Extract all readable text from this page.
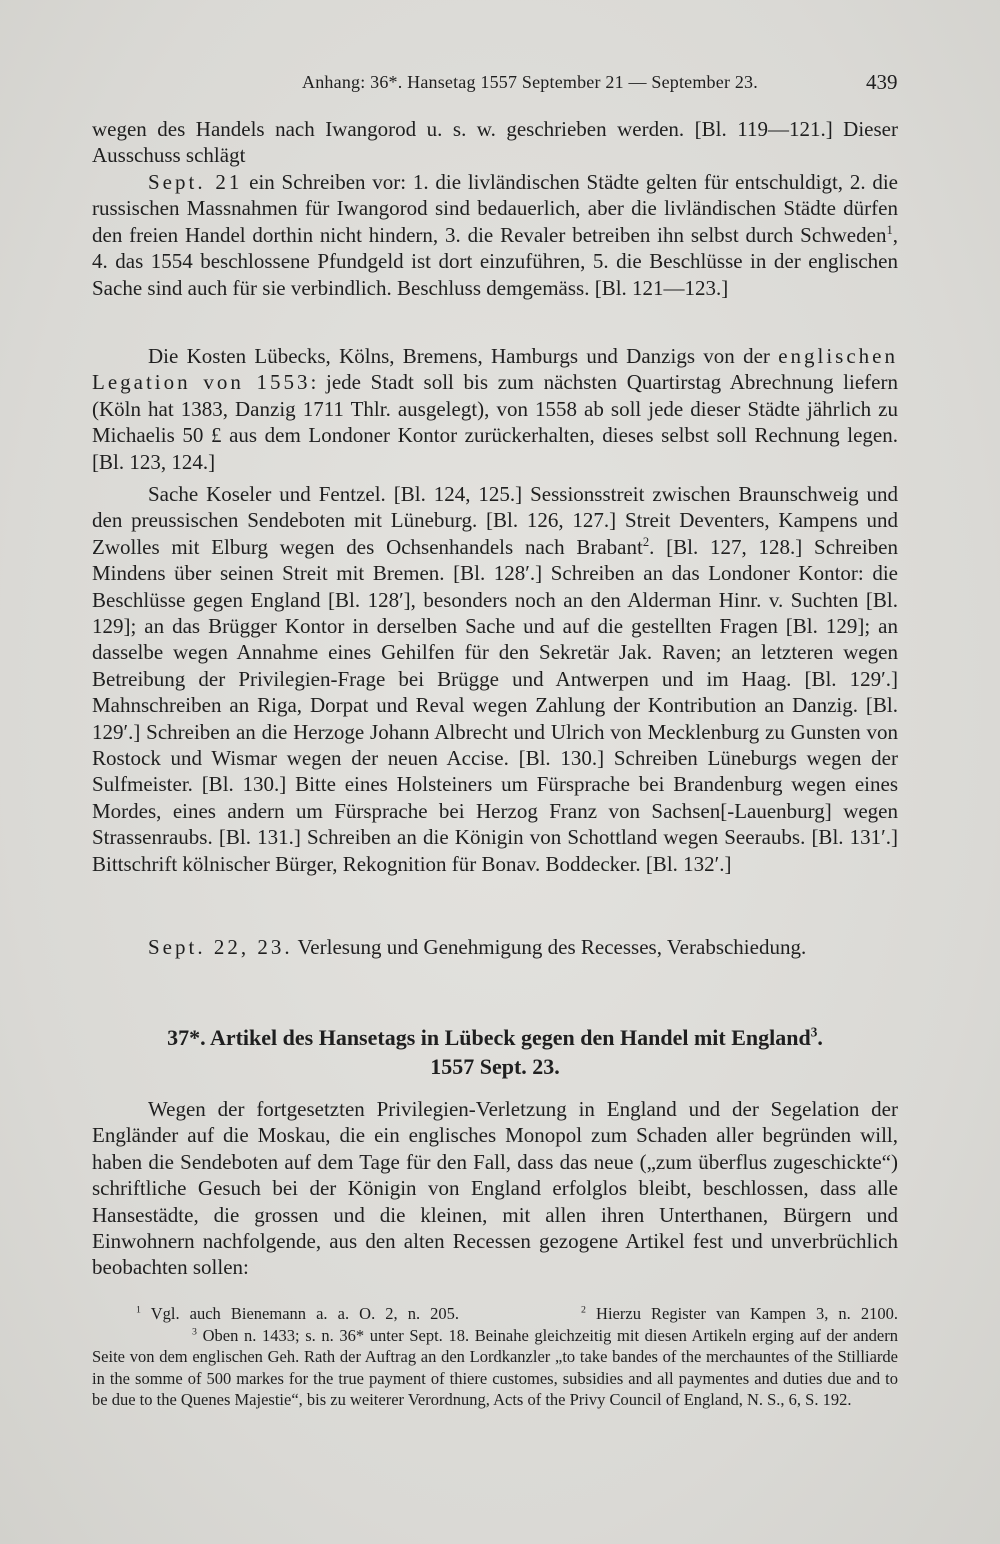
Anhang: 36*. Hansetag 1557 September 21 — September 23.	439

wegen des Handels nach Iwangorod u. s. w. geschrieben werden. [Bl. 119—121.] Dieser Ausschuss schlägt

Sept. 21 ein Schreiben vor: 1. die livländischen Städte gelten für entschuldigt, 2. die russischen Massnahmen für Iwangorod sind bedauerlich, aber die livländischen Städte dürfen den freien Handel dorthin nicht hindern, 3. die Revaler betreiben ihn selbst durch Schweden$^1$, 4. das 1554 beschlossene Pfundgeld ist dort einzuführen, 5. die Beschlüsse in der englischen Sache sind auch für sie verbindlich. Beschluss demgemäss. [Bl. 121—123.]

Die Kosten Lübecks, Kölns, Bremens, Hamburgs und Danzigs von der englischen Legation von 1553: jede Stadt soll bis zum nächsten Quartirstag Abrechnung liefern (Köln hat 1383, Danzig 1711 Thlr. ausgelegt), von 1558 ab soll jede dieser Städte jährlich zu Michaelis 50 £ aus dem Londoner Kontor zurückerhalten, dieses selbst soll Rechnung legen. [Bl. 123, 124.]

Sache Koseler und Fentzel. [Bl. 124, 125.] Sessionsstreit zwischen Braunschweig und den preussischen Sendeboten mit Lüneburg. [Bl. 126, 127.] Streit Deventers, Kampens und Zwolles mit Elburg wegen des Ochsenhandels nach Brabant$^2$. [Bl. 127, 128.] Schreiben Mindens über seinen Streit mit Bremen. [Bl. 128′.] Schreiben an das Londoner Kontor: die Beschlüsse gegen England [Bl. 128′], besonders noch an den Alderman Hinr. v. Suchten [Bl. 129]; an das Brügger Kontor in derselben Sache und auf die gestellten Fragen [Bl. 129]; an dasselbe wegen Annahme eines Gehilfen für den Sekretär Jak. Raven; an letzteren wegen Betreibung der Privilegien-Frage bei Brügge und Antwerpen und im Haag. [Bl. 129′.] Mahnschreiben an Riga, Dorpat und Reval wegen Zahlung der Kontribution an Danzig. [Bl. 129′.] Schreiben an die Herzoge Johann Albrecht und Ulrich von Mecklenburg zu Gunsten von Rostock und Wismar wegen der neuen Accise. [Bl. 130.] Schreiben Lüneburgs wegen der Sulfmeister. [Bl. 130.] Bitte eines Holsteiners um Fürsprache bei Brandenburg wegen eines Mordes, eines andern um Fürsprache bei Herzog Franz von Sachsen[-Lauenburg] wegen Strassenraubs. [Bl. 131.] Schreiben an die Königin von Schottland wegen Seeraubs. [Bl. 131′.] Bittschrift kölnischer Bürger, Rekognition für Bonav. Boddecker. [Bl. 132′.]

Sept. 22, 23. Verlesung und Genehmigung des Recesses, Verabschiedung.

37*. Artikel des Hansetags in Lübeck gegen den Handel mit England$^3$.
1557 Sept. 23.

Wegen der fortgesetzten Privilegien-Verletzung in England und der Segelation der Engländer auf die Moskau, die ein englisches Monopol zum Schaden aller begründen will, haben die Sendeboten auf dem Tage für den Fall, dass das neue („zum überflus zugeschickte“) schriftliche Gesuch bei der Königin von England erfolglos bleibt, beschlossen, dass alle Hansestädte, die grossen und die kleinen, mit allen ihren Unterthanen, Bürgern und Einwohnern nachfolgende, aus den alten Recessen gezogene Artikel fest und unverbrüchlich beobachten sollen:

$^1$ Vgl. auch Bienemann a. a. O. 2, n. 205.	$^2$ Hierzu Register van Kampen 3, n. 2100.$^3$ Oben n. 1433; s. n. 36* unter Sept. 18. Beinahe gleichzeitig mit diesen Artikeln erging auf der andern Seite von dem englischen Geh. Rath der Auftrag an den Lordkanzler „to take bandes of the merchauntes of the Stilliarde in the somme of 500 markes for the true payment of thiere customes, subsidies and all paymentes and duties due and to be due to the Quenes Majestie“, bis zu weiterer Verordnung, Acts of the Privy Council of England, N. S., 6, S. 192.
